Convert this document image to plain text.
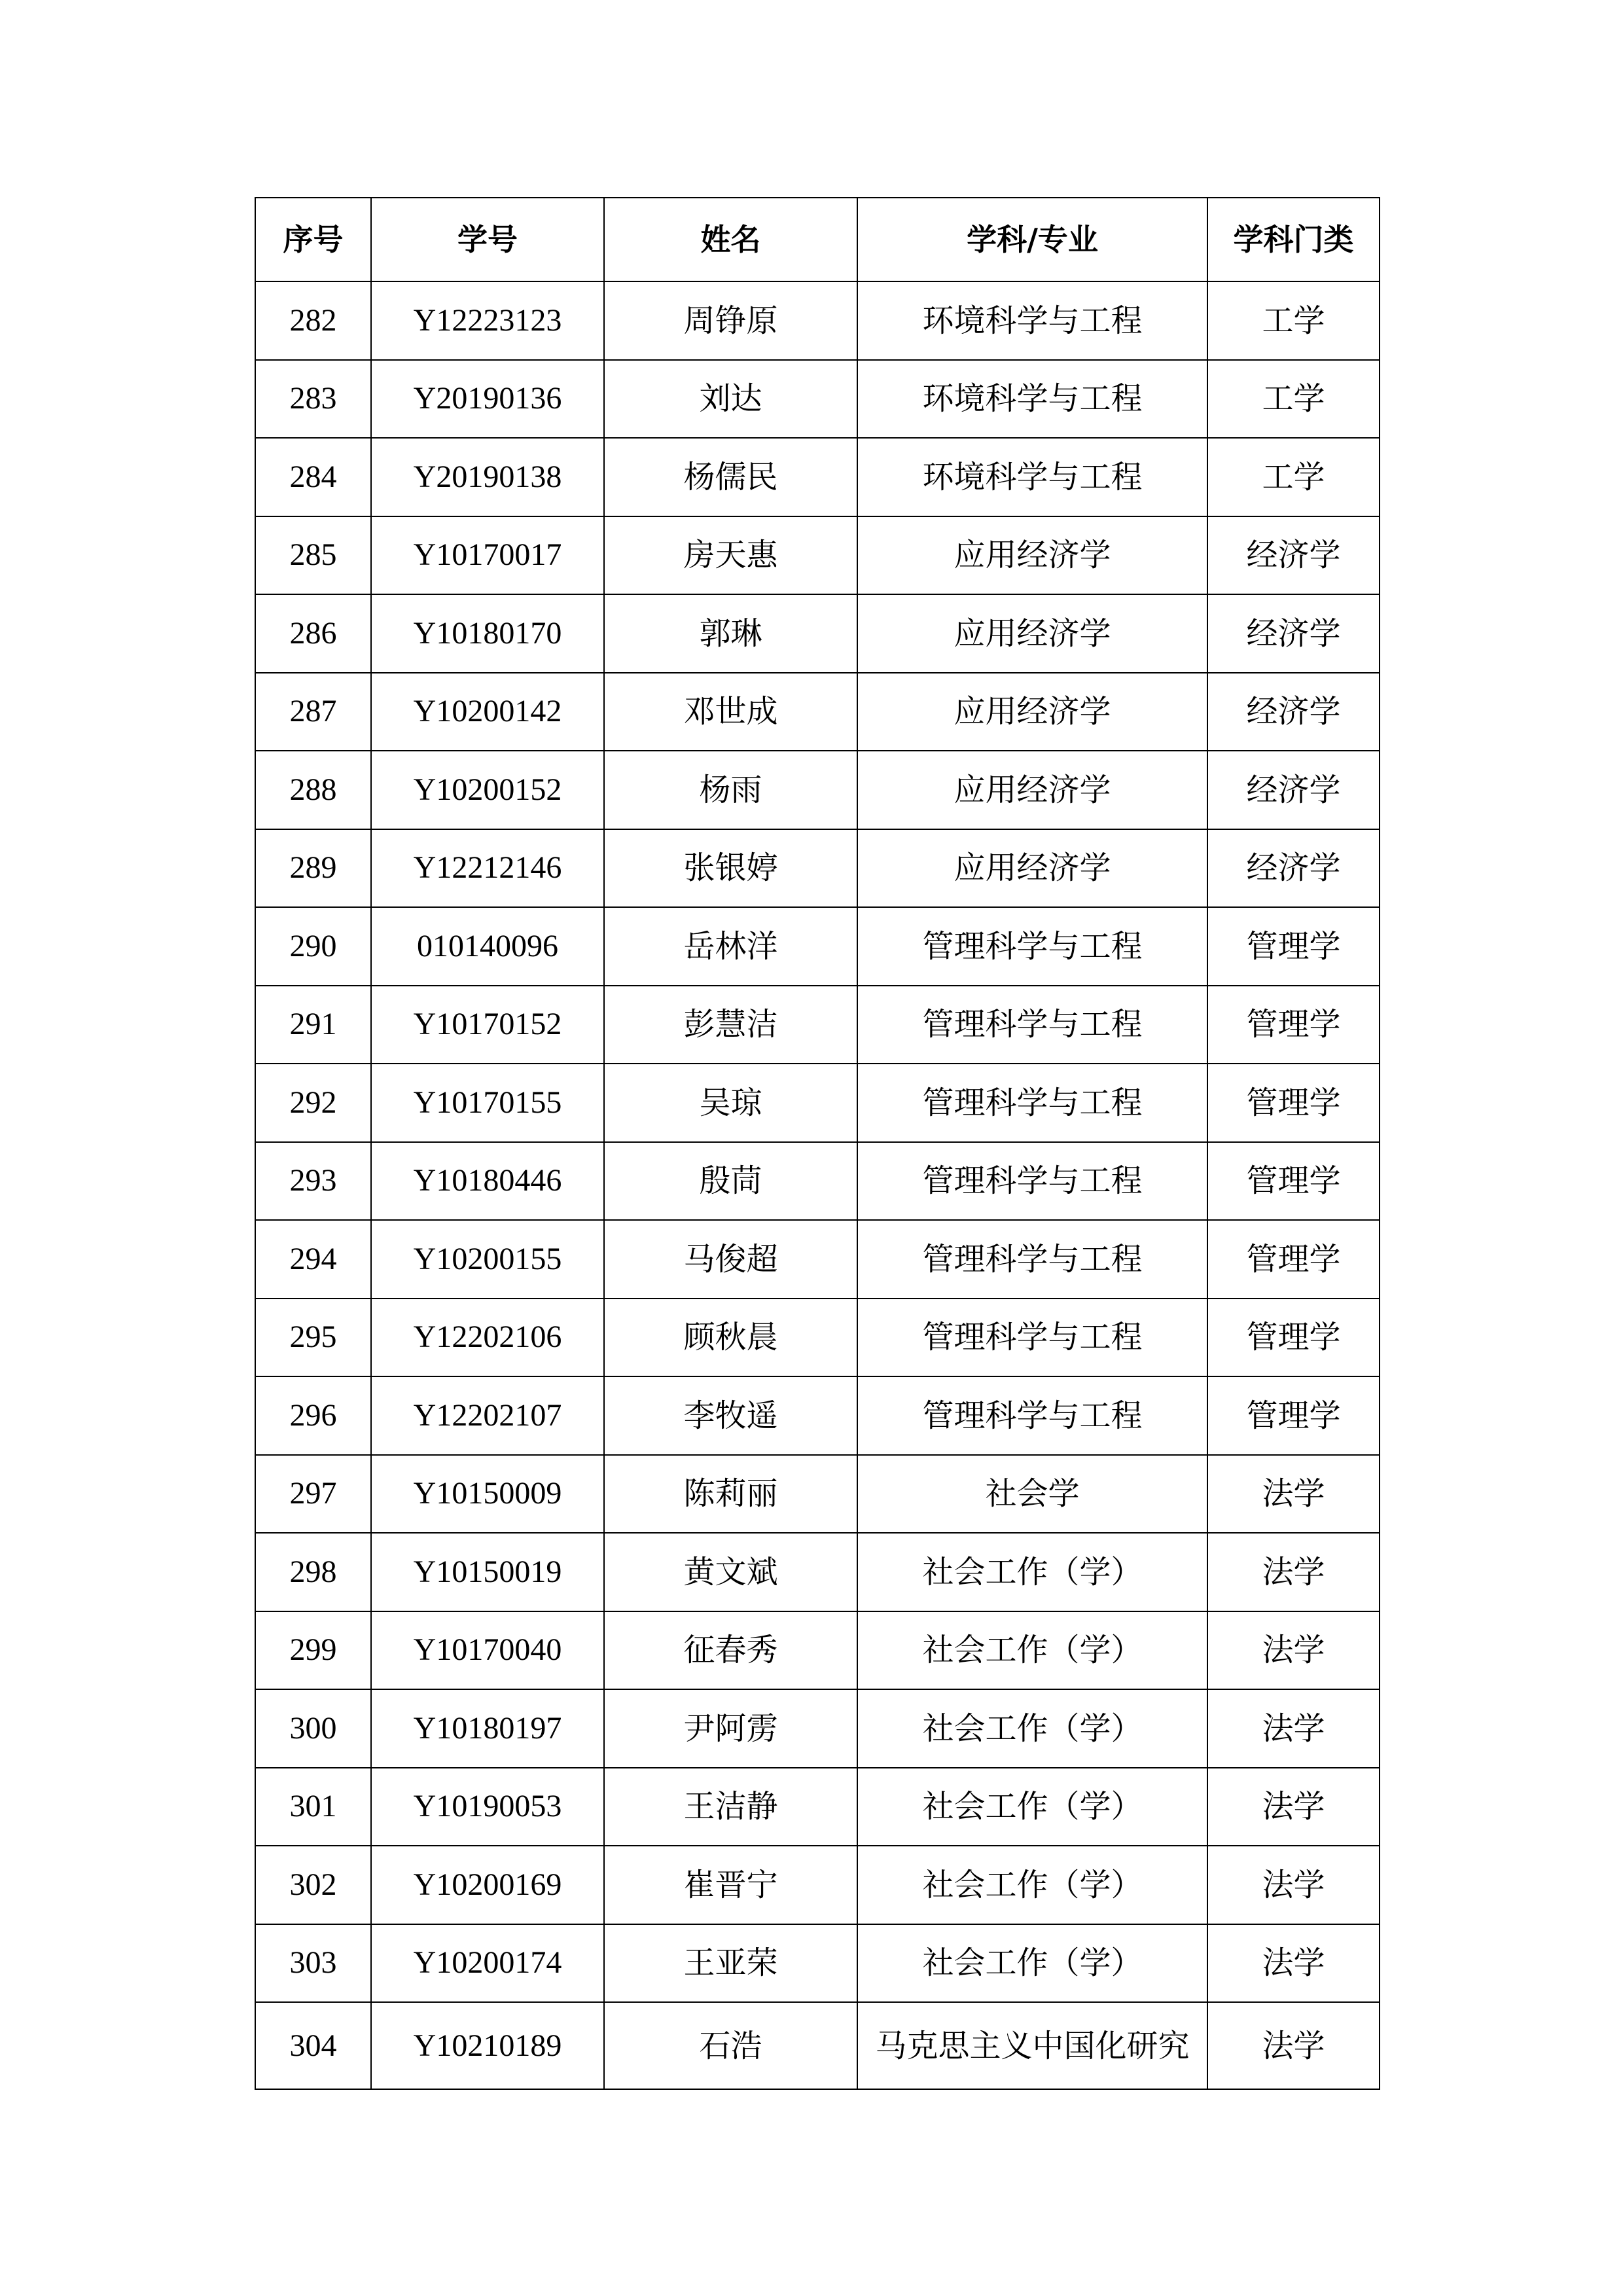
序号	学号	姓名	学科/专业	学科门类
282	Y12223123	周铮原	环境科学与工程	工学
283	Y20190136	刘达	环境科学与工程	工学
284	Y20190138	杨儒民	环境科学与工程	工学
285	Y10170017	房天惠	应用经济学	经济学
286	Y10180170	郭琳	应用经济学	经济学
287	Y10200142	邓世成	应用经济学	经济学
288	Y10200152	杨雨	应用经济学	经济学
289	Y12212146	张银婷	应用经济学	经济学
290	010140096	岳林洋	管理科学与工程	管理学
291	Y10170152	彭慧洁	管理科学与工程	管理学
292	Y10170155	吴琼	管理科学与工程	管理学
293	Y10180446	殷茼	管理科学与工程	管理学
294	Y10200155	马俊超	管理科学与工程	管理学
295	Y12202106	顾秋晨	管理科学与工程	管理学
296	Y12202107	李牧遥	管理科学与工程	管理学
297	Y10150009	陈莉丽	社会学	法学
298	Y10150019	黄文斌	社会工作（学）	法学
299	Y10170040	征春秀	社会工作（学）	法学
300	Y10180197	尹阿雳	社会工作（学）	法学
301	Y10190053	王洁静	社会工作（学）	法学
302	Y10200169	崔晋宁	社会工作（学）	法学
303	Y10200174	王亚荣	社会工作（学）	法学
304	Y10210189	石浩	马克思主义中国化研究	法学
